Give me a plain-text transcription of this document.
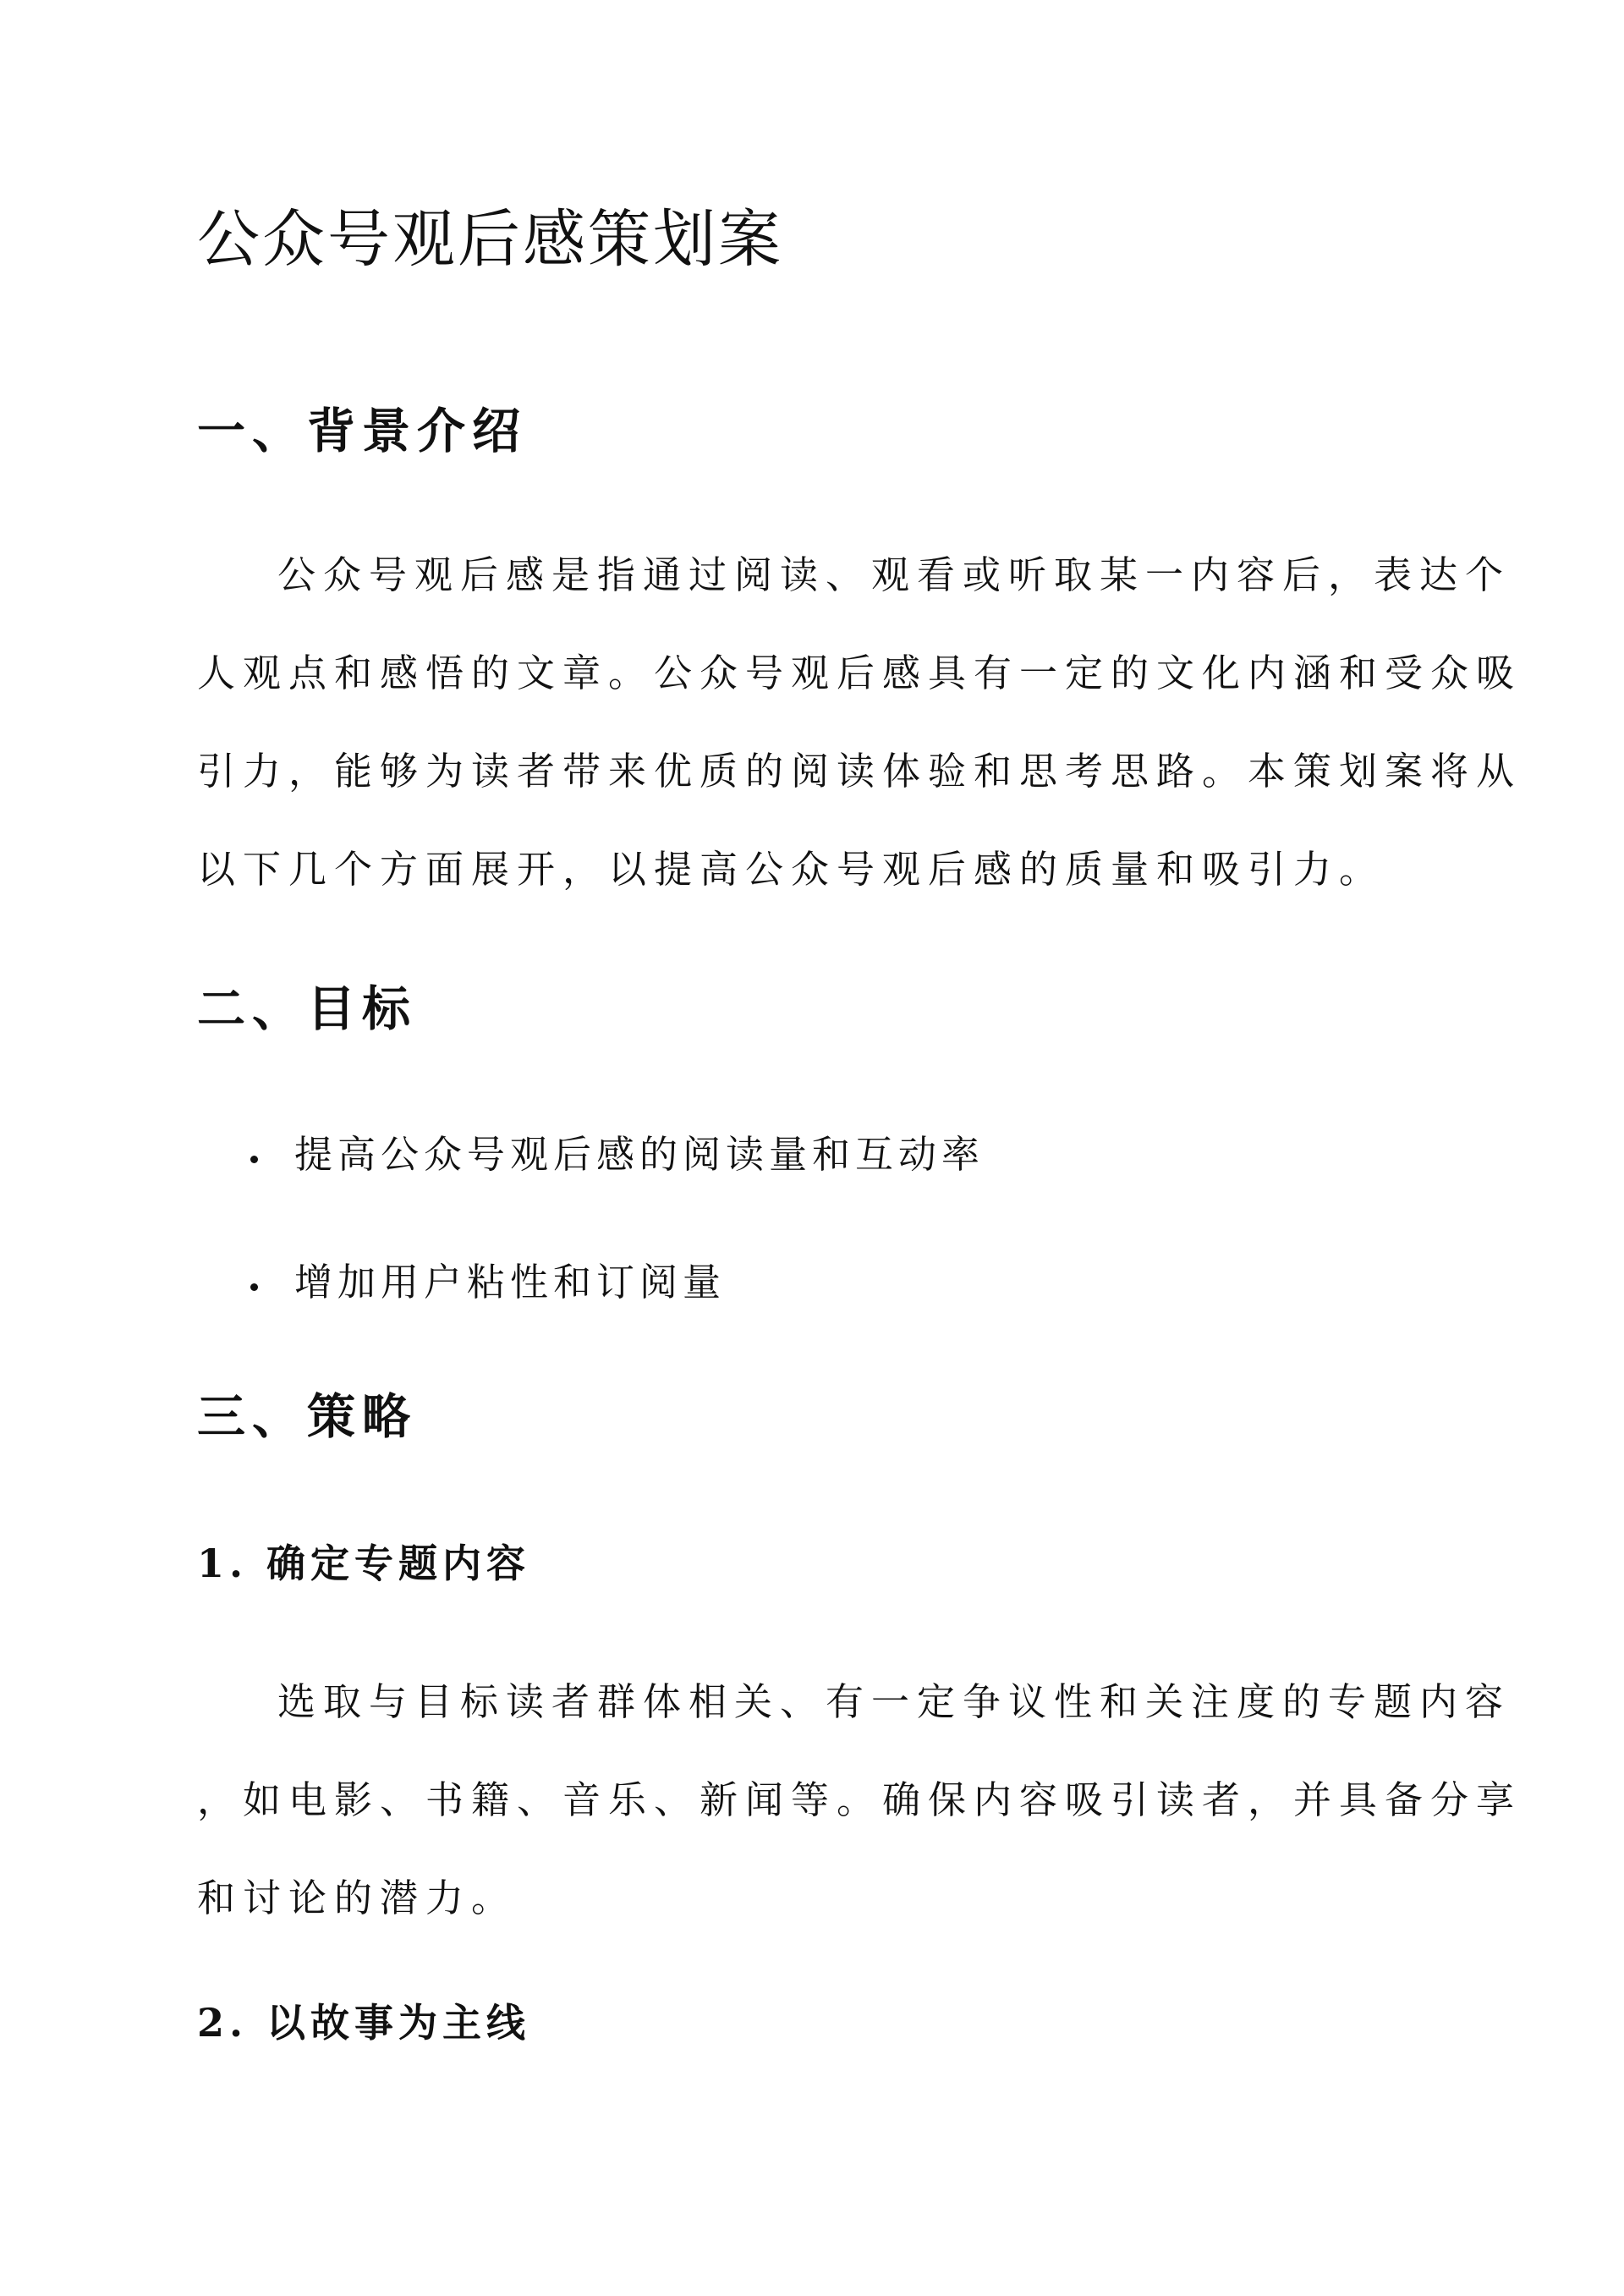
公众号观后感策划案
一、背景介绍
公众号观后感是指通过阅读、观看或听取某一内容后，表达个
人观点和感悟的文章。公众号观后感具有一定的文化内涵和受众吸
引力，能够为读者带来优质的阅读体验和思考思路。本策划案将从
以下几个方面展开，以提高公众号观后感的质量和吸引力。
二、目标
提高公众号观后感的阅读量和互动率
增加用户粘性和订阅量
三、策略
1. 确定专题内容
选取与目标读者群体相关、有一定争议性和关注度的专题内容
，如电影、书籍、音乐、新闻等。确保内容吸引读者，并具备分享
和讨论的潜力。
2. 以故事为主线
